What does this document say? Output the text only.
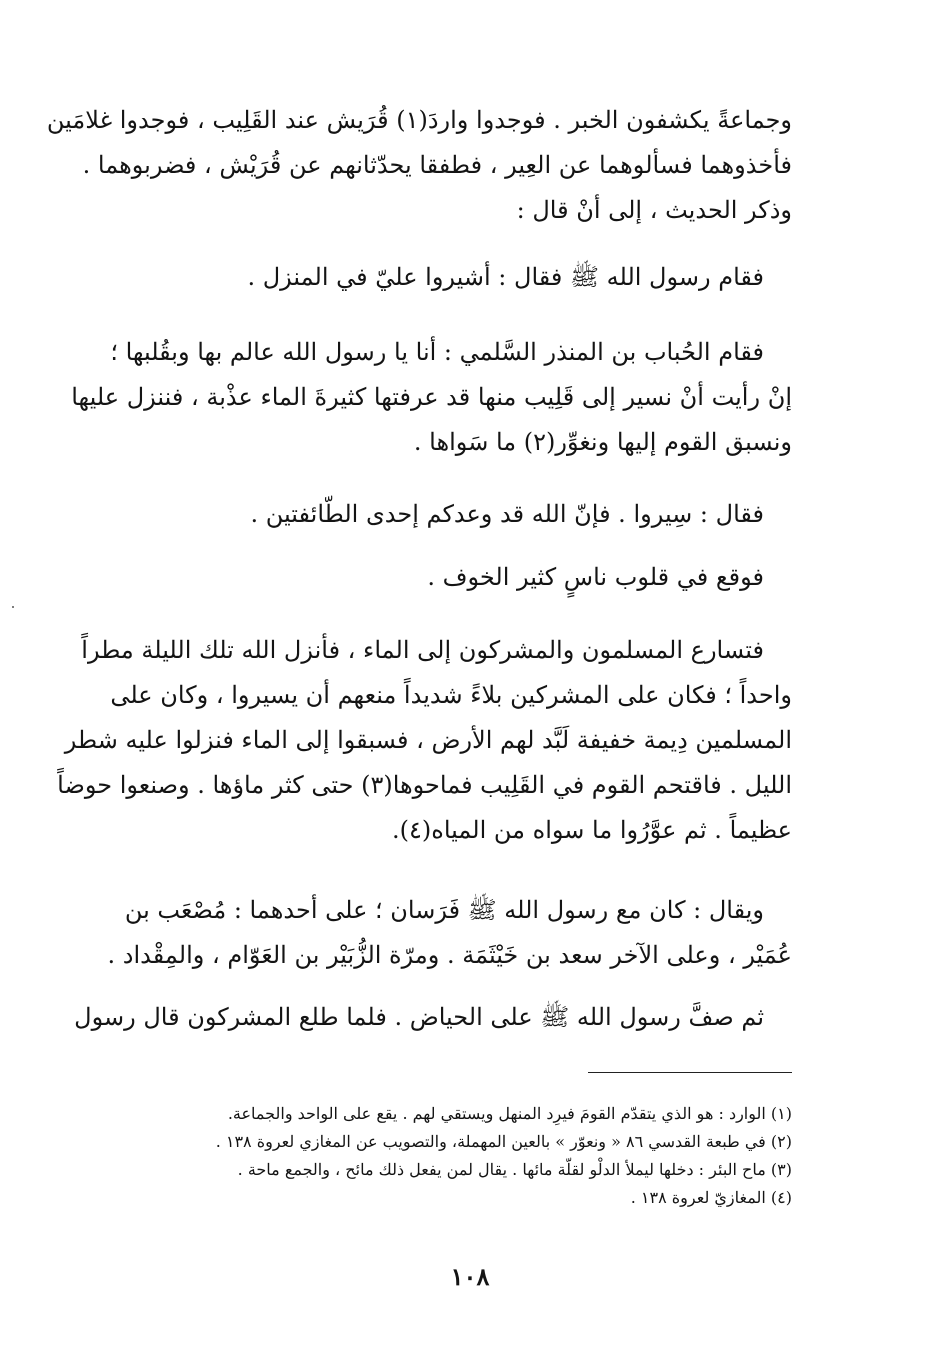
وجماعةً يكشفون الخبر . فوجدوا واردَ(١) قُرَيش عند القَلِيب ، فوجدوا غلامَين
فأخذوهما فسألوهما عن العِير ، فطفقا يحدّثانهم عن قُرَيْش ، فضربوهما .
وذكر الحديث ، إلى أنْ قال :
فقام رسول الله ﷺ فقال : أشيروا عليّ في المنزل .
فقام الحُباب بن المنذر السَّلمي : أنا يا رسول الله عالم بها وبقُلبها ؛
إنْ رأيت أنْ نسير إلى قَلِيب منها قد عرفتها كثيرةَ الماء عذْبة ، فننزل عليها
ونسبق القوم إليها ونغوِّر(٢) ما سَواها .
فقال : سِيروا . فإنّ الله قد وعدكم إحدى الطّائفتين .
فوقع في قلوب ناسٍ كثير الخوف .
فتسارع المسلمون والمشركون إلى الماء ، فأنزل الله تلك الليلة مطراً
واحداً ؛ فكان على المشركين بلاءً شديداً منعهم أن يسيروا ، وكان على
المسلمين دِيمة خفيفة لَبَّد لهم الأرض ، فسبقوا إلى الماء فنزلوا عليه شطر
الليل . فاقتحم القوم في القَلِيب فماحوها(٣) حتى كثر ماؤها . وصنعوا حوضاً
عظيماً . ثم عوَّرُوا ما سواه من المياه(٤).
ويقال : كان مع رسول الله ﷺ فَرَسان ؛ على أحدهما : مُصْعَب بن
عُمَيْر ، وعلى الآخر سعد بن خَيْثَمَة . ومرّة الزُّبَيْر بن العَوّام ، والمِقْداد .
ثم صفَّ رسول الله ﷺ على الحياض . فلما طلع المشركون قال رسول
(١) الوارد : هو الذي يتقدّم القومَ فيرِد المنهل ويستقي لهم . يقع على الواحد والجماعة.
(٢) في طبعة القدسي ٨٦ « ونعوّر » بالعين المهملة، والتصويب عن المغازي لعروة ١٣٨ .
(٣) ماح البئر : دخلها ليملأ الدلْو لقلّة مائها . يقال لمن يفعل ذلك مائح ، والجمع ماحة .
(٤) المغازيّ لعروة ١٣٨ .
١٠٨
